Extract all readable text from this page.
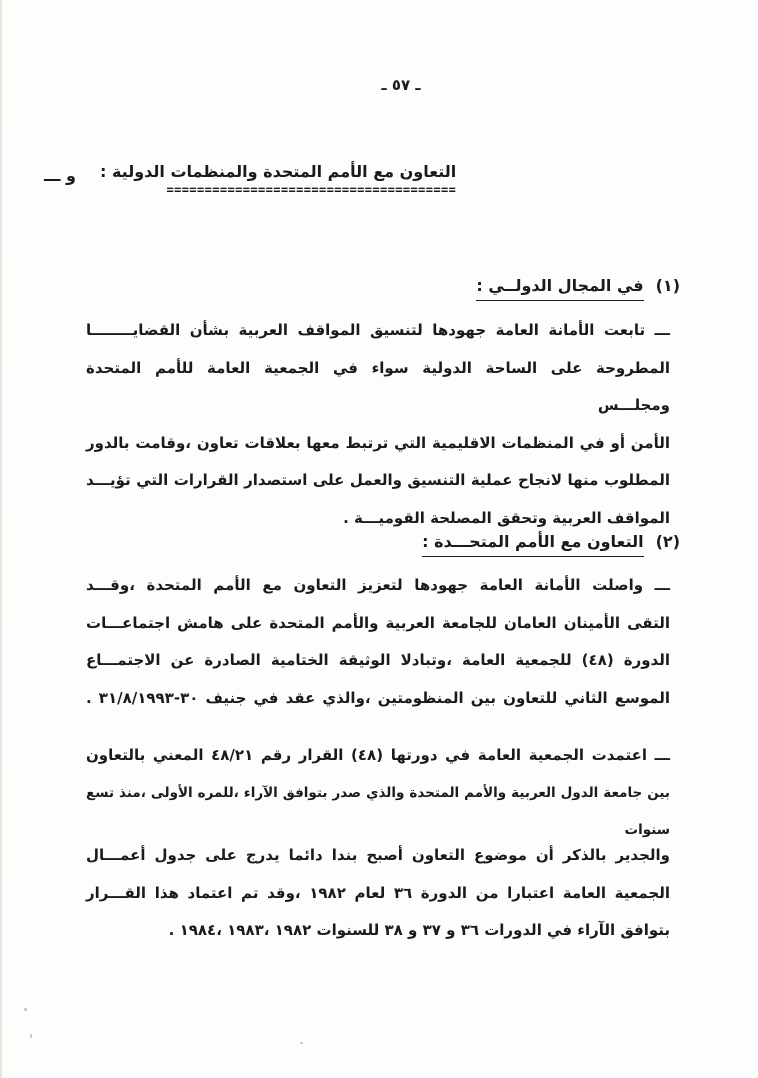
ـ ٥٧ ـ
و ـــ التعاون مع الأمم المتحدة والمنظمات الدولية :
======================================
(١)في المجال الدولــي :
ـــ تابعت الأمانة العامة جهودها لتنسيق المواقف العربية بشأن القضايــــــــا
المطروحة على الساحة الدولية سواء في الجمعية العامة للأمم المتحدة ومجلـــس
الأمن أو في المنظمات الاقليمية التي ترتبط معها بعلاقات تعاون ،وقامت بالدور
المطلوب منها لانجاح عملية التنسيق والعمل على استصدار القرارات التي تؤيـــد
المواقف العربية وتحقق المصلحة القوميـــة .
(٢)التعاون مع الأمم المتحـــدة :
ـــ واصلت الأمانة العامة جهودها لتعزيز التعاون مع الأمم المتحدة ،وقـــد
التقى الأمينان العامان للجامعة العربية والأمم المتحدة على هامش اجتماعـــات
الدورة (٤٨) للجمعية العامة ،وتبادلا الوثيقة الختامية الصادرة عن الاجتمـــاع
الموسع الثاني للتعاون بين المنظومتين ،والذي عقد في جنيف ٣٠-٣١/٨/١٩٩٣ .
ـــ اعتمدت الجمعية العامة في دورتها (٤٨) القرار رقم ٤٨/٢١ المعني بالتعاون
بين جامعة الدول العربية والأمم المتحدة والذي صدر بتوافق الآراء ،للمره الأولى ،منذ تسع سنوات
والجدير بالذكر أن موضوع التعاون أصبح بندا دائما يدرج على جدول أعمـــال
الجمعية العامة اعتبارا من الدورة ٣٦ لعام ١٩٨٢ ،وقد تم اعتماد هذا القـــرار
بتوافق الآراء في الدورات ٣٦ و ٣٧ و ٣٨ للسنوات ١٩٨٢ ،١٩٨٣ ،١٩٨٤ .
